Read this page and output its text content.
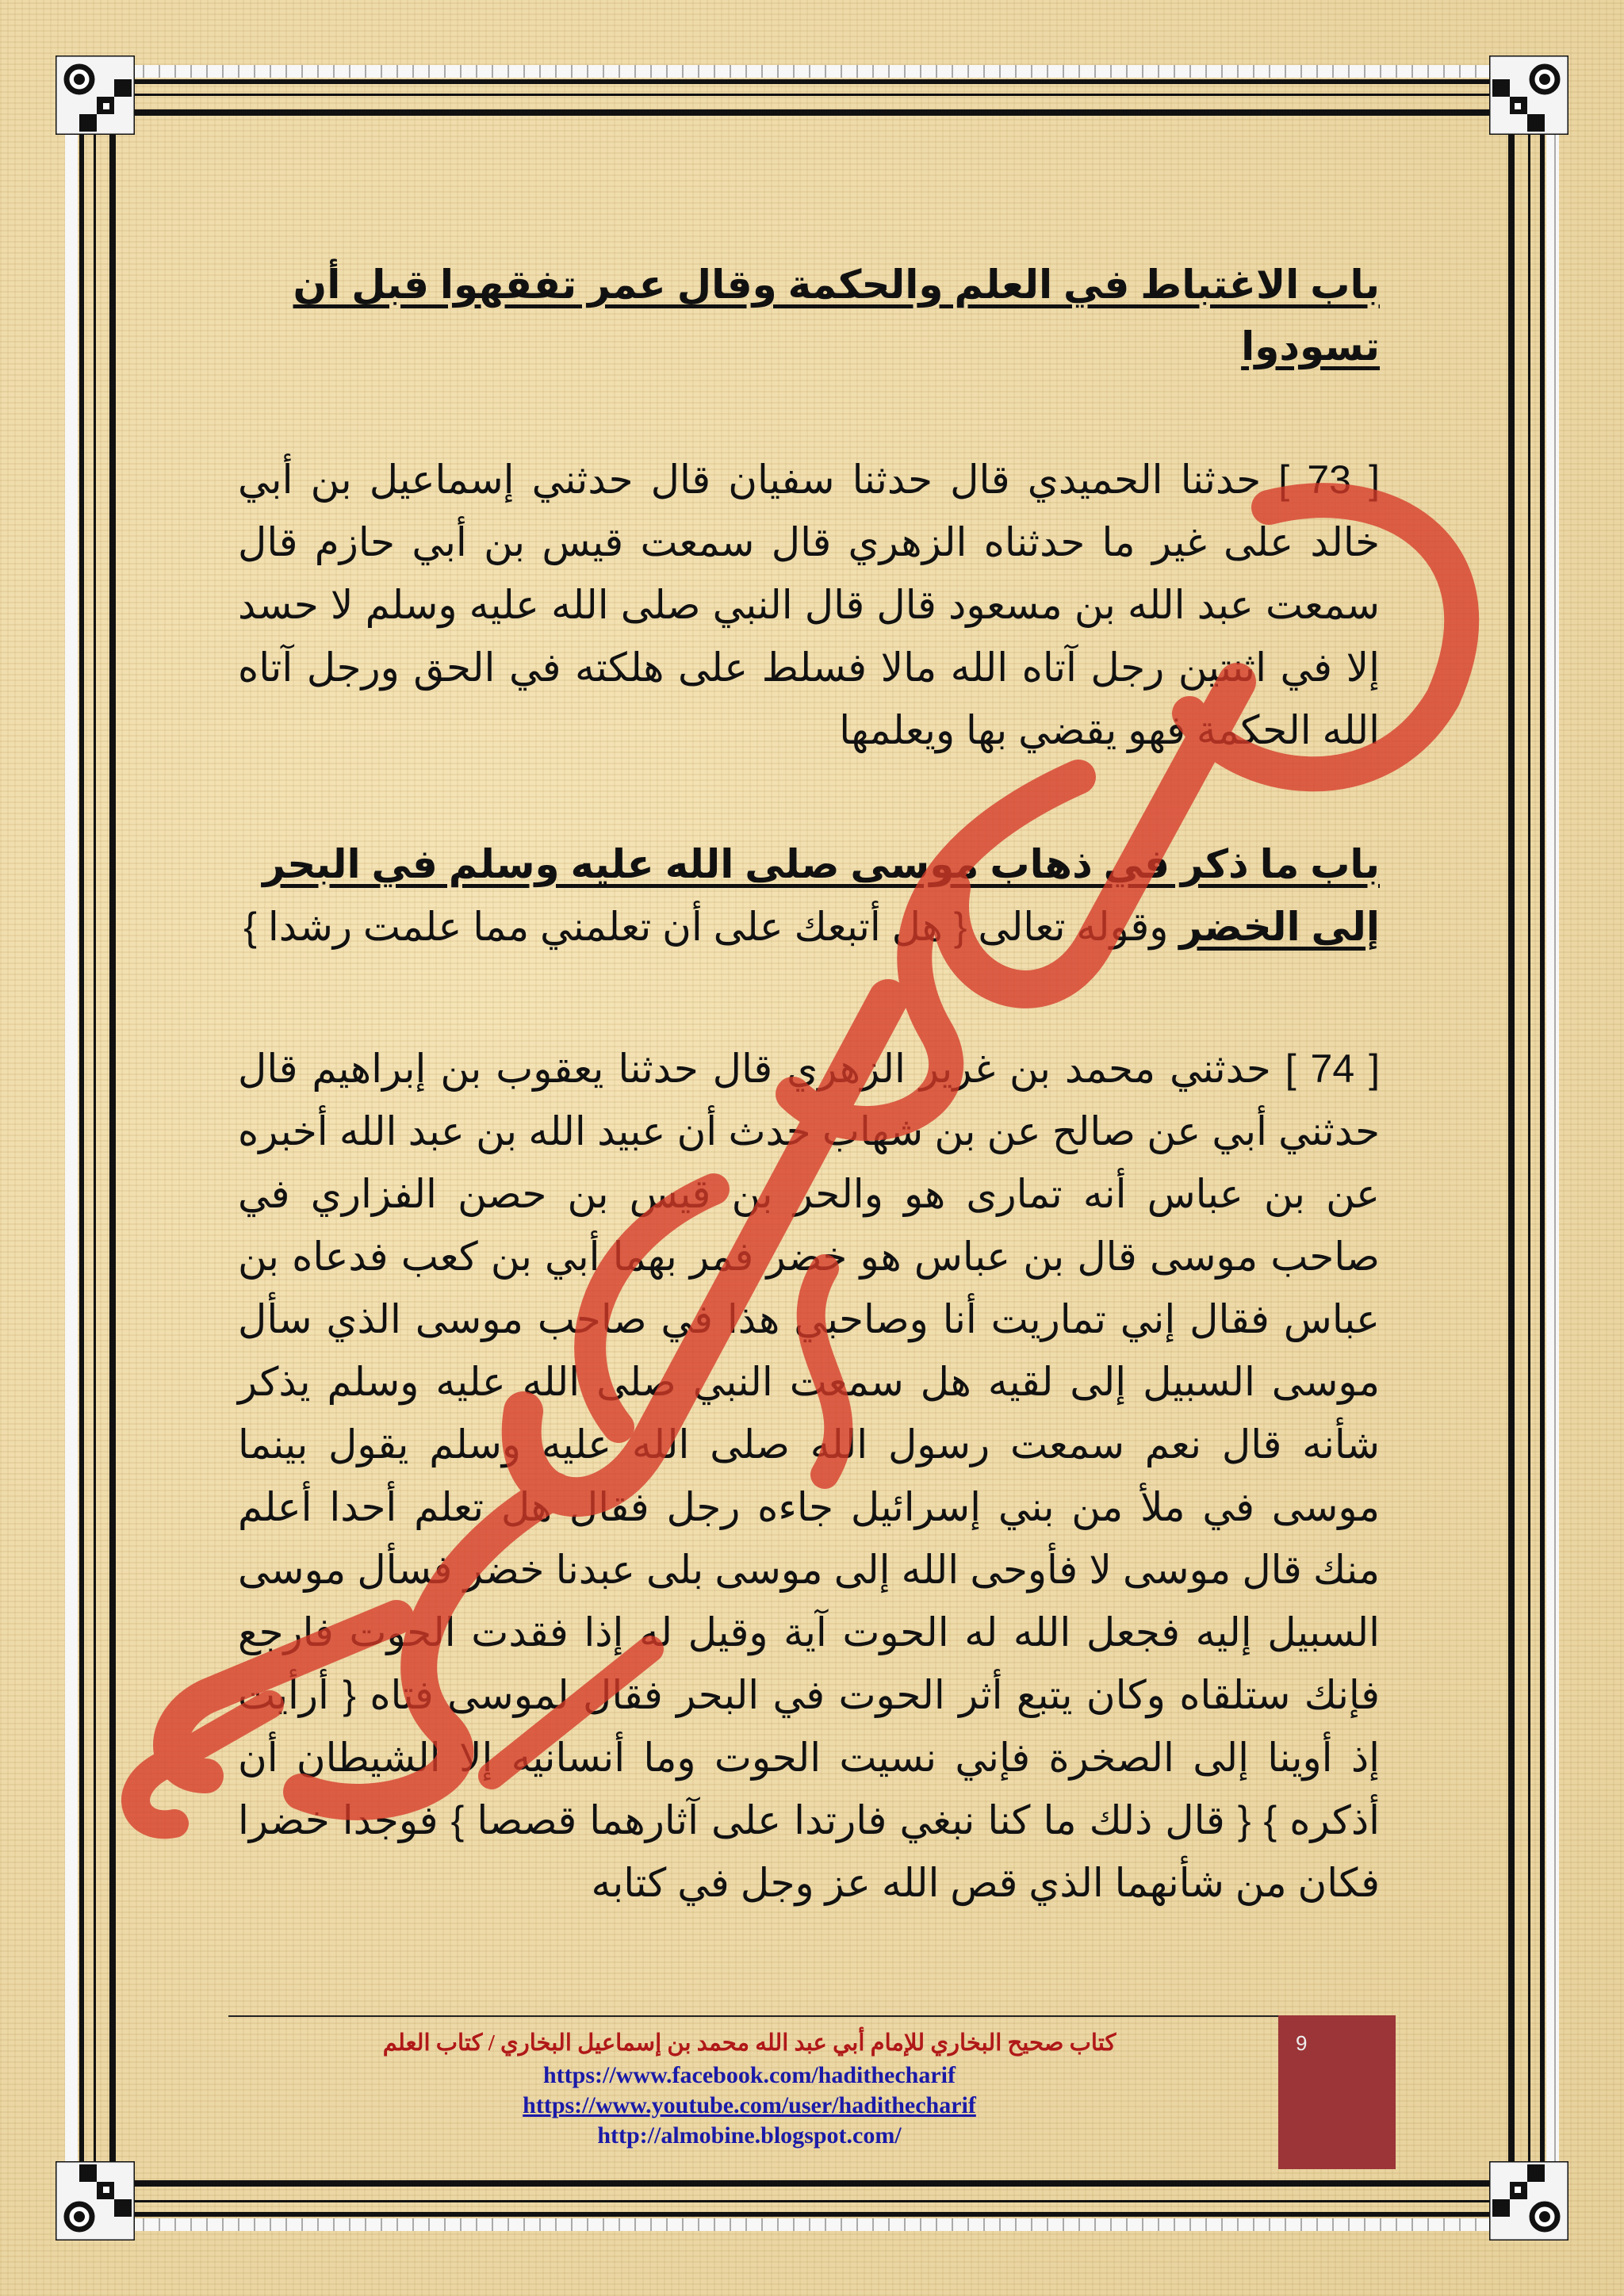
باب الاغتباط في العلم والحكمة وقال عمر تفقهوا قبل أن تسودوا

[ 73 ] حدثنا الحميدي قال حدثنا سفيان قال حدثني إسماعيل بن أبي خالد على غير ما حدثناه الزهري قال سمعت قيس بن أبي حازم قال سمعت عبد الله بن مسعود قال قال النبي صلى الله عليه وسلم لا حسد إلا في اثنتين رجل آتاه الله مالا فسلط على هلكته في الحق ورجل آتاه الله الحكمة فهو يقضي بها ويعلمها

باب ما ذكر في ذهاب موسى صلى الله عليه وسلم في البحر إلى الخضر وقوله تعالى { هل أتبعك على أن تعلمني مما علمت رشدا }

[ 74 ] حدثني محمد بن غرير الزهري قال حدثنا يعقوب بن إبراهيم قال حدثني أبي عن صالح عن بن شهاب حدث أن عبيد الله بن عبد الله أخبره عن بن عباس أنه تمارى هو والحر بن قيس بن حصن الفزاري في صاحب موسى قال بن عباس هو خضر فمر بهما أبي بن كعب فدعاه بن عباس فقال إني تماريت أنا وصاحبي هذا في صاحب موسى الذي سأل موسى السبيل إلى لقيه هل سمعت النبي صلى الله عليه وسلم يذكر شأنه قال نعم سمعت رسول الله صلى الله عليه وسلم يقول بينما موسى في ملأ من بني إسرائيل جاءه رجل فقال هل تعلم أحدا أعلم منك قال موسى لا فأوحى الله إلى موسى بلى عبدنا خضر فسأل موسى السبيل إليه فجعل الله له الحوت آية وقيل له إذا فقدت الحوت فارجع فإنك ستلقاه وكان يتبع أثر الحوت في البحر فقال لموسى فتاه { أرأيت إذ أوينا إلى الصخرة فإني نسيت الحوت وما أنسانيه إلا الشيطان أن أذكره } { قال ذلك ما كنا نبغي فارتدا على آثارهما قصصا } فوجدا خضرا فكان من شأنهما الذي قص الله عز وجل في كتابه

9
كتاب صحيح البخاري للإمام أبي عبد الله محمد بن إسماعيل البخاري / كتاب العلم
https://www.facebook.com/hadithecharif
https://www.youtube.com/user/hadithecharif
http://almobine.blogspot.com/
